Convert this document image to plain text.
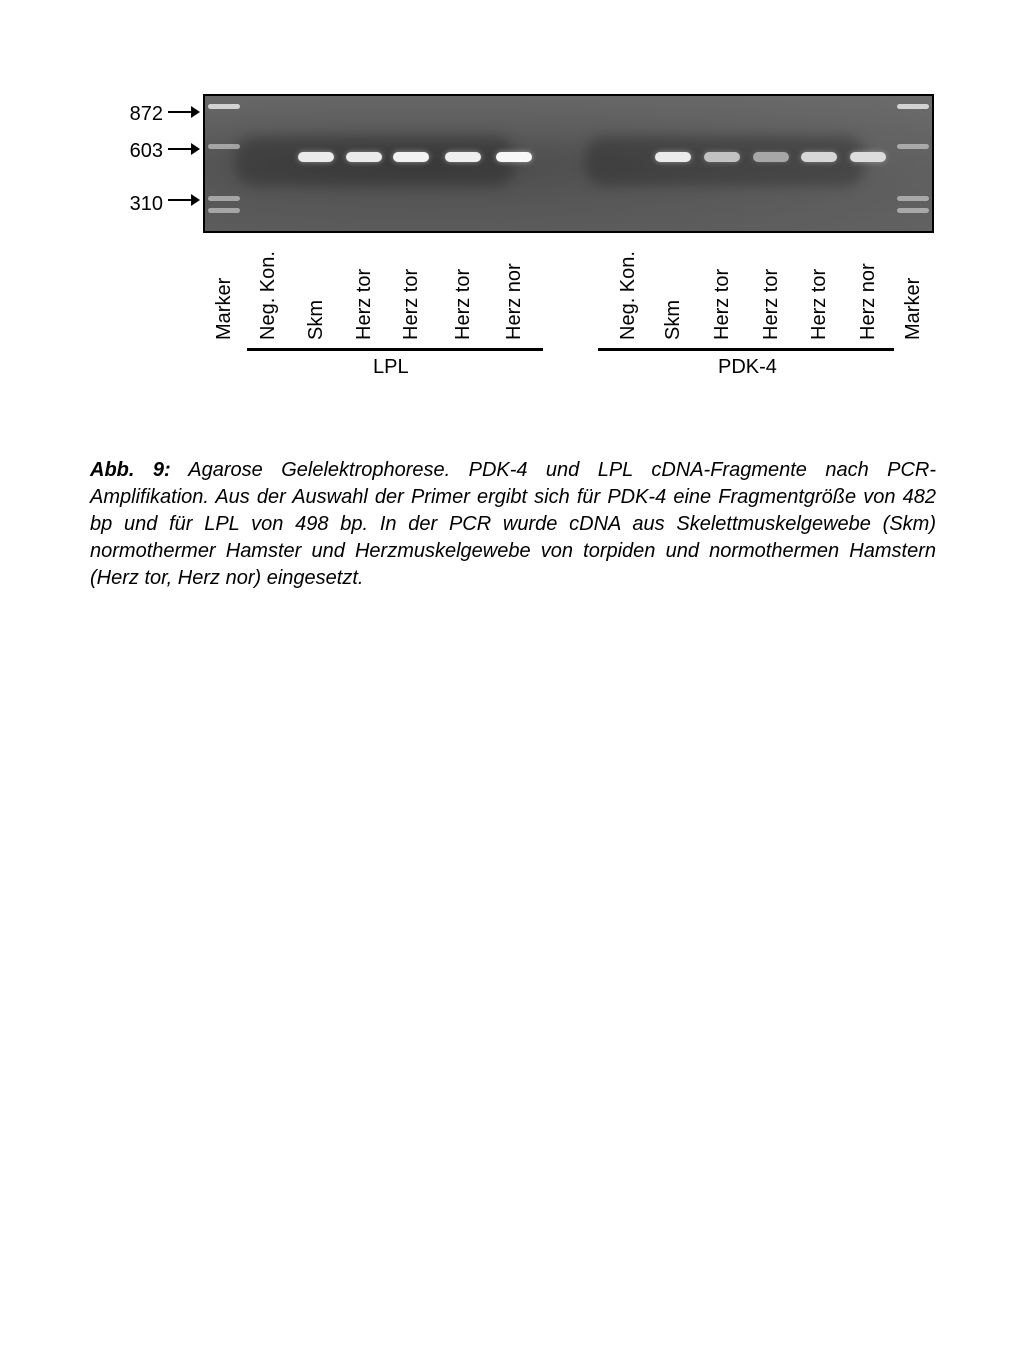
872
603
310
Marker Neg. Kon. Skm Herz tor Herz tor Herz tor Herz nor	Neg. Kon. Skm Herz tor Herz tor Herz tor Herz nor Marker
LPL	PDK-4

Abb. 9: Agarose Gelelektrophorese. PDK-4 und LPL cDNA-Fragmente nach PCR-Amplifikation. Aus der Auswahl der Primer ergibt sich für PDK-4 eine Fragmentgröße von 482 bp und für LPL von 498 bp. In der PCR wurde cDNA aus Skelettmuskelgewebe (Skm) normothermer Hamster und Herzmuskelgewebe von torpiden und normothermen Hamstern (Herz tor, Herz nor) eingesetzt.
